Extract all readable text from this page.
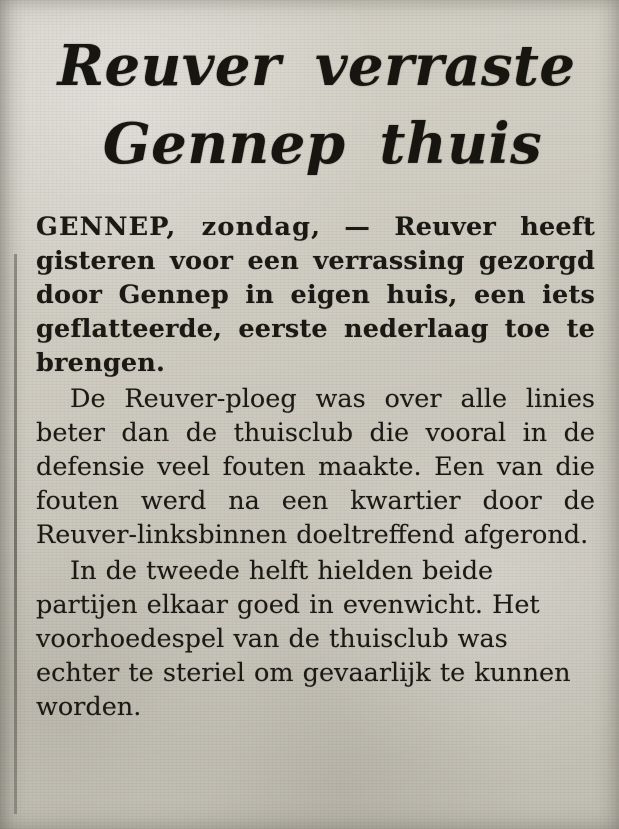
Reuver verraste
Gennep thuis

GENNEP, zondag, — Reuver heeft gisteren voor een verrassing gezorgd door Gennep in eigen huis, een iets geflatteerde, eerste nederlaag toe te brengen.

De Reuver-ploeg was over alle linies beter dan de thuisclub die vooral in de defensie veel fouten maakte. Een van die fouten werd na een kwartier door de Reuver-linksbinnen doeltreffend afgerond.

In de tweede helft hielden beide partijen elkaar goed in evenwicht. Het voorhoedespel van de thuisclub was echter te steriel om gevaarlijk te kunnen worden.
